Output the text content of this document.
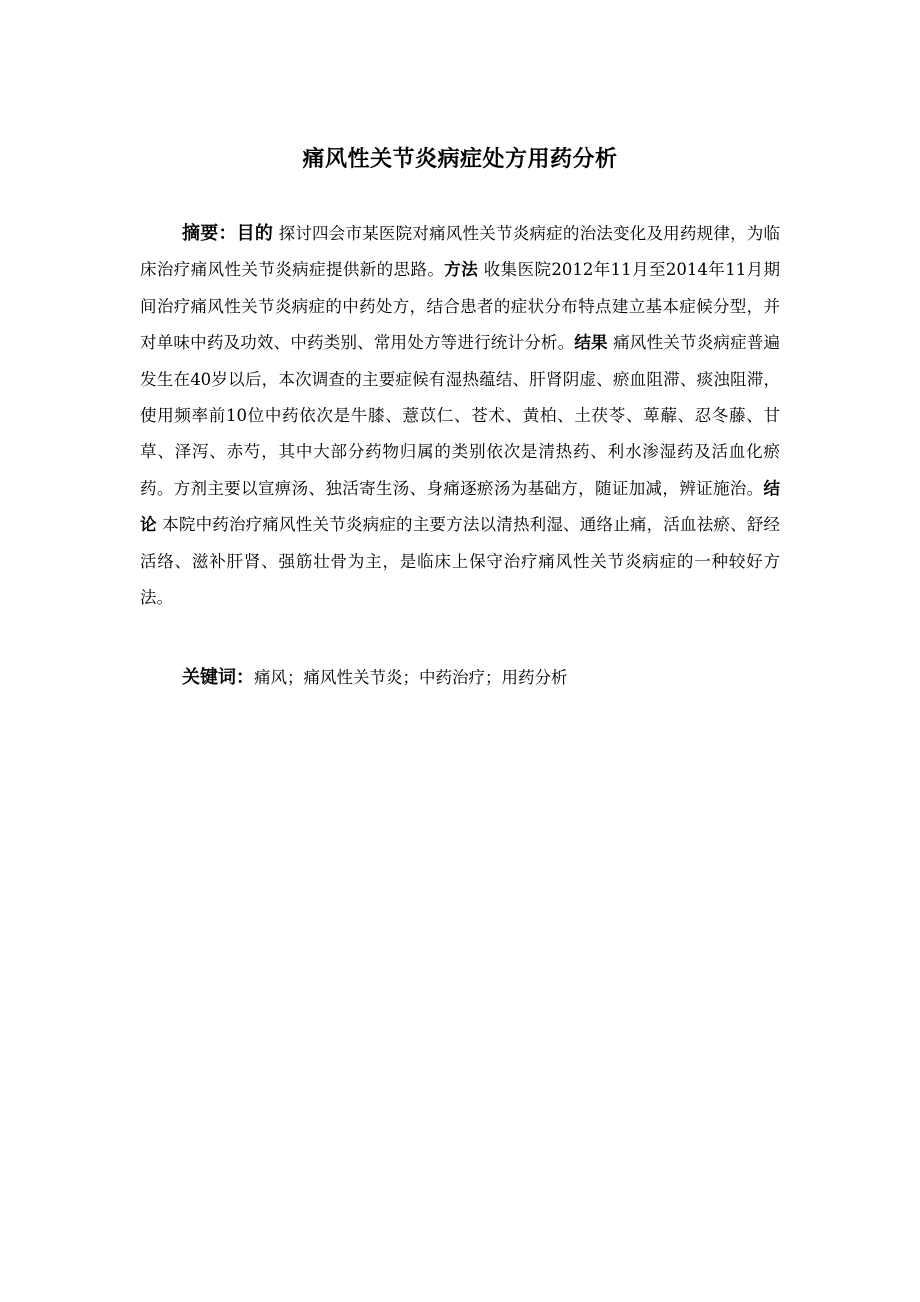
痛风性关节炎病症处方用药分析

摘要：目的 探讨四会市某医院对痛风性关节炎病症的治法变化及用药规律，为临床治疗痛风性关节炎病症提供新的思路。方法 收集医院2012年11月至2014年11月期间治疗痛风性关节炎病症的中药处方，结合患者的症状分布特点建立基本症候分型，并对单味中药及功效、中药类别、常用处方等进行统计分析。结果 痛风性关节炎病症普遍发生在40岁以后，本次调查的主要症候有湿热蕴结、肝肾阴虚、瘀血阻滞、痰浊阻滞，使用频率前10位中药依次是牛膝、薏苡仁、苍术、黄柏、土茯苓、萆薢、忍冬藤、甘草、泽泻、赤芍，其中大部分药物归属的类别依次是清热药、利水渗湿药及活血化瘀药。方剂主要以宣痹汤、独活寄生汤、身痛逐瘀汤为基础方，随证加减，辨证施治。结论 本院中药治疗痛风性关节炎病症的主要方法以清热利湿、通络止痛，活血祛瘀、舒经活络、滋补肝肾、强筋壮骨为主，是临床上保守治疗痛风性关节炎病症的一种较好方法。

关键词：痛风；痛风性关节炎；中药治疗；用药分析
